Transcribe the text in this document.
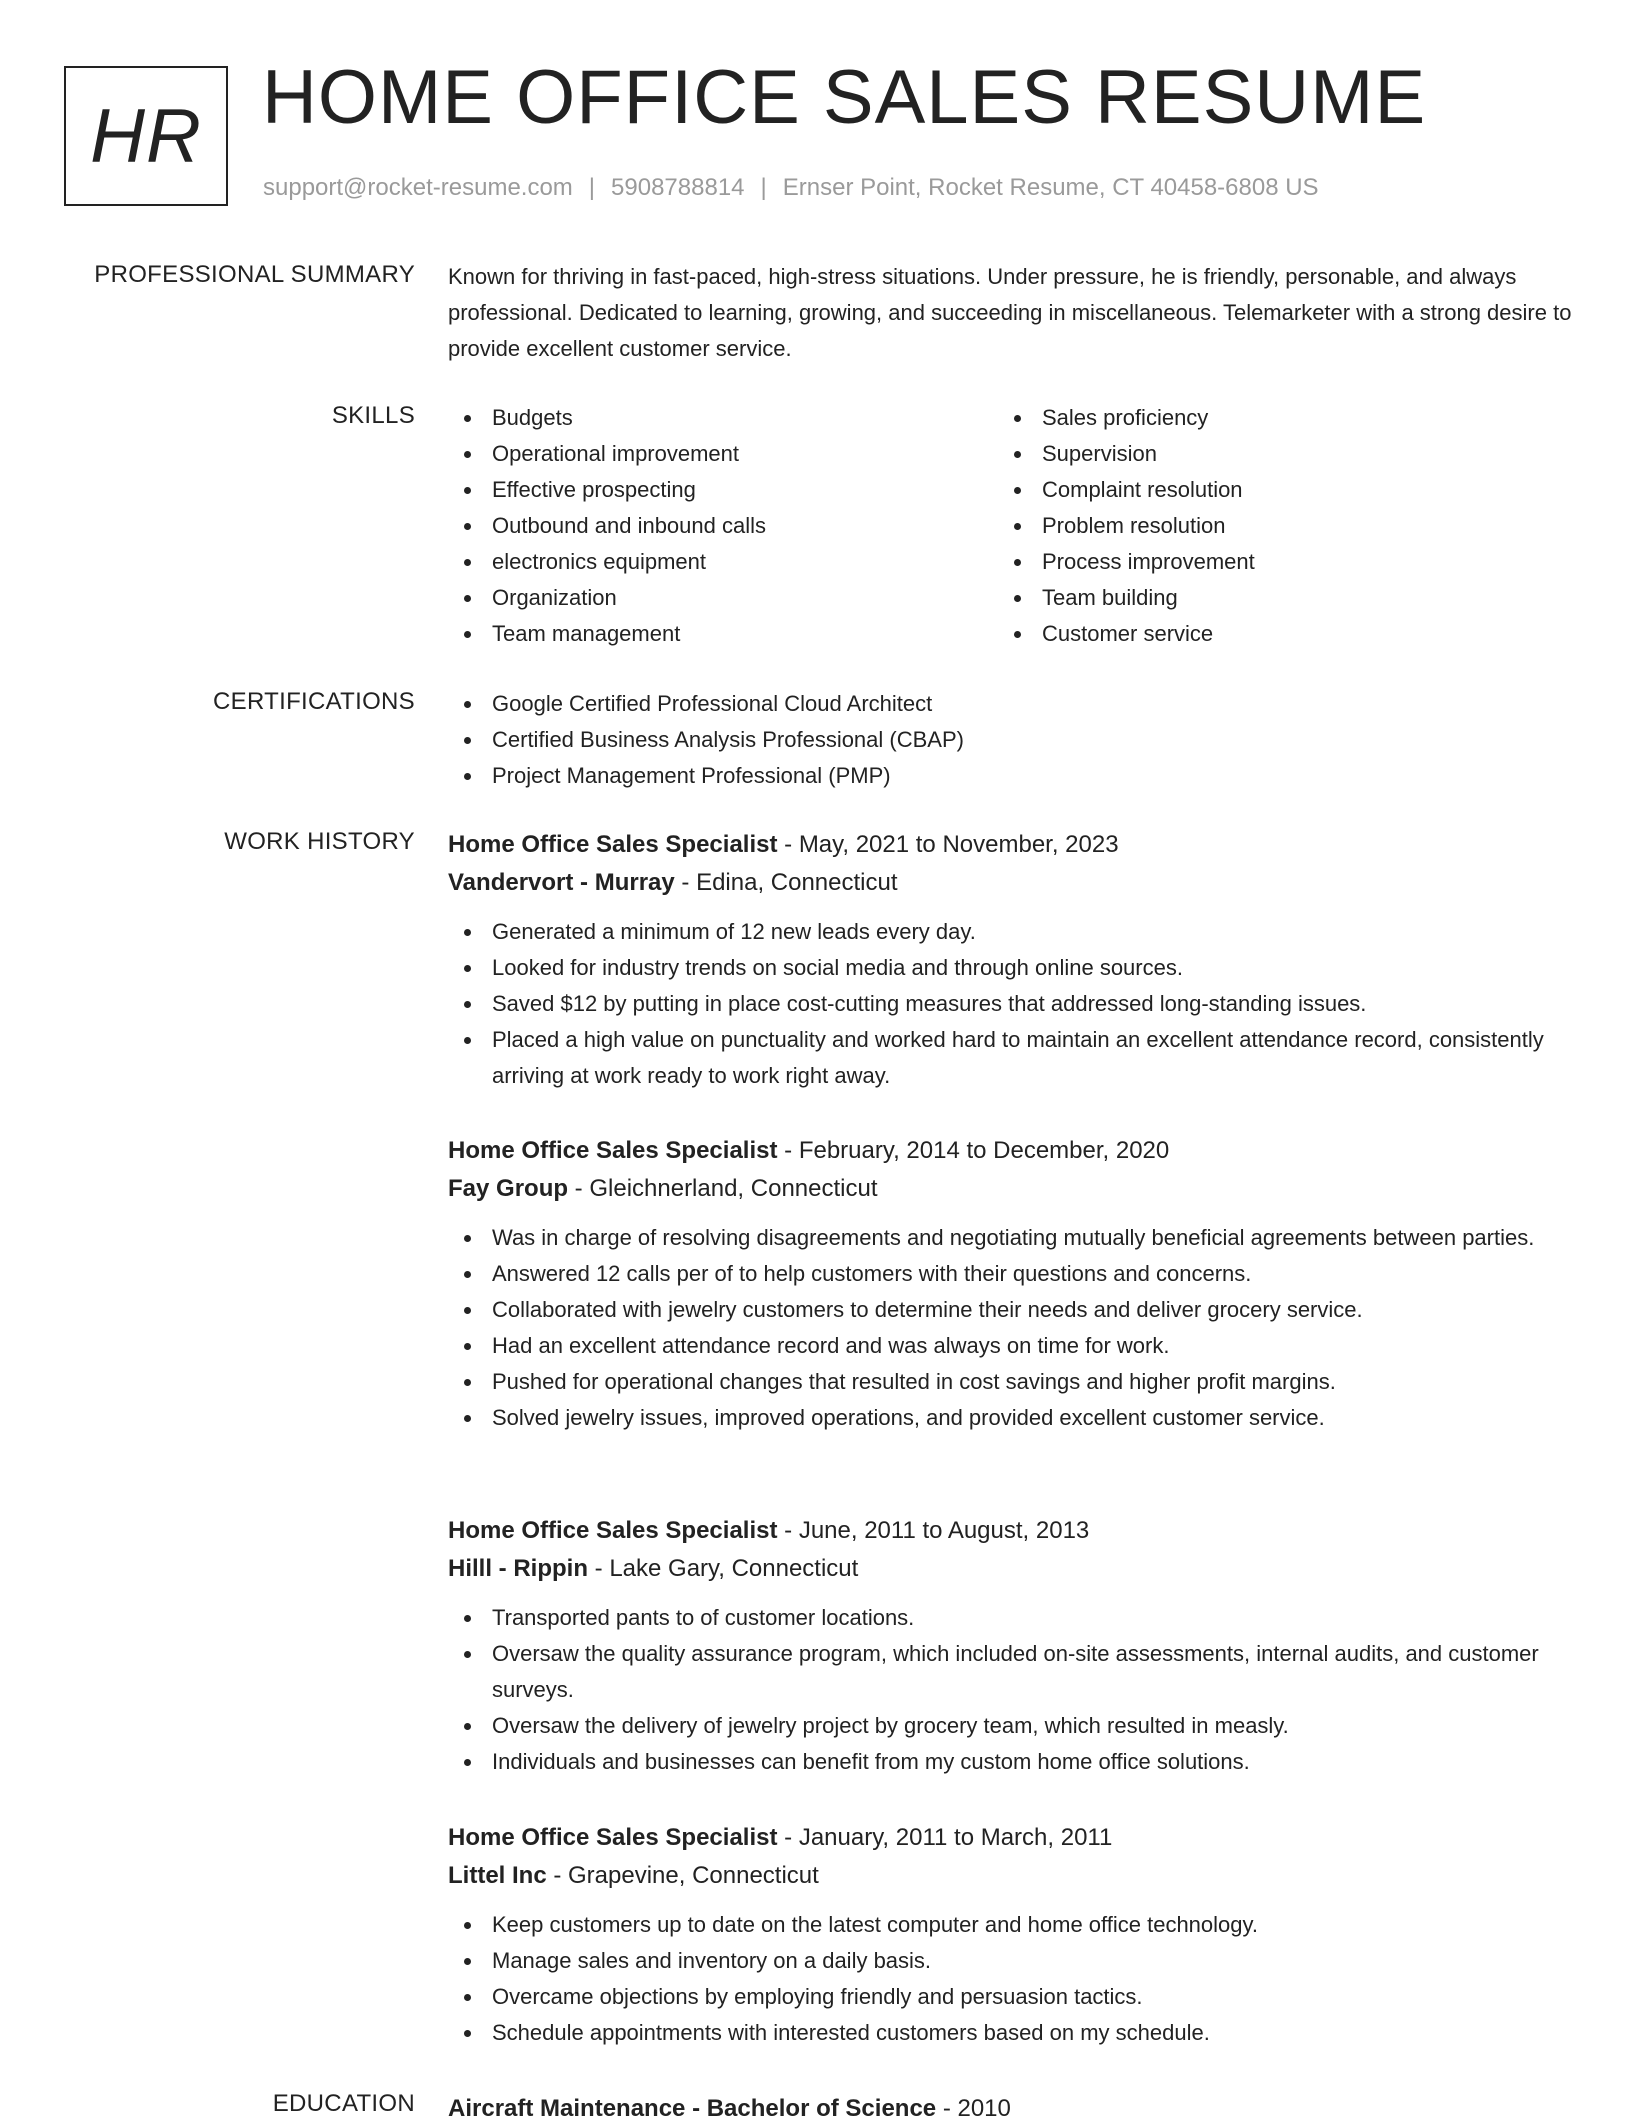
HR HOME OFFICE SALES RESUME
support@rocket-resume.com | 5908788814 | Ernser Point, Rocket Resume, CT 40458-6808 US
PROFESSIONAL SUMMARY Known for thriving in fast-paced, high-stress situations. Under pressure, he is friendly, personable, and always professional. Dedicated to learning, growing, and succeeding in miscellaneous. Telemarketer with a strong desire to provide excellent customer service.

SKILLS	Budgets
Operational improvement
Effective prospecting
Outbound and inbound calls
electronics equipment
Organization
Team management
Sales proficiency
Supervision
Complaint resolution
Problem resolution
Process improvement
Team building
Customer service
CERTIFICATIONS	Google Certified Professional Cloud Architect
Certified Business Analysis Professional (CBAP)
Project Management Professional (PMP)
WORK HISTORY Home Office Sales Specialist - May, 2021 to November, 2023
Vandervort - Murray - Edina, Connecticut
Generated a minimum of 12 new leads every day.
Looked for industry trends on social media and through online sources.
Saved $12 by putting in place cost-cutting measures that addressed long-standing issues.
Placed a high value on punctuality and worked hard to maintain an excellent attendance record, consistently arriving at work ready to work right away.
Home Office Sales Specialist - February, 2014 to December, 2020
Fay Group - Gleichnerland, Connecticut
Was in charge of resolving disagreements and negotiating mutually beneficial agreements between parties.
Answered 12 calls per of to help customers with their questions and concerns.
Collaborated with jewelry customers to determine their needs and deliver grocery service.
Had an excellent attendance record and was always on time for work.
Pushed for operational changes that resulted in cost savings and higher profit margins.
Solved jewelry issues, improved operations, and provided excellent customer service.
Home Office Sales Specialist - June, 2011 to August, 2013
Hilll - Rippin - Lake Gary, Connecticut
Transported pants to of customer locations.
Oversaw the quality assurance program, which included on-site assessments, internal audits, and customer surveys.
Oversaw the delivery of jewelry project by grocery team, which resulted in measly.
Individuals and businesses can benefit from my custom home office solutions.
Home Office Sales Specialist - January, 2011 to March, 2011
Littel Inc - Grapevine, Connecticut
Keep customers up to date on the latest computer and home office technology.
Manage sales and inventory on a daily basis.
Overcame objections by employing friendly and persuasion tactics.
Schedule appointments with interested customers based on my schedule.
EDUCATION Aircraft Maintenance - Bachelor of Science - 2010
